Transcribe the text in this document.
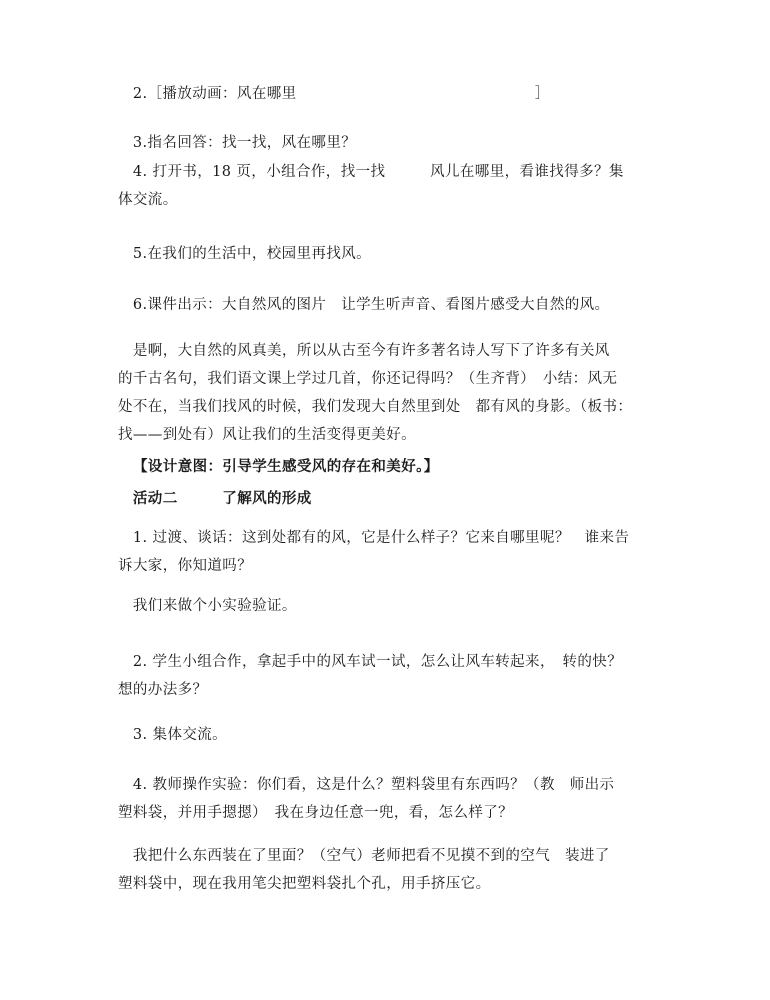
　2.［播放动画：风在哪里　　　　　　　　　　　　　　　　］
　3.指名回答：找一找，风在哪里？
　4. 打开书，18 页，小组合作，找一找　　　风儿在哪里，看谁找得多？集
体交流。
　5.在我们的生活中，校园里再找风。
　6.课件出示：大自然风的图片　让学生听声音、看图片感受大自然的风。
　是啊，大自然的风真美，所以从古至今有许多著名诗人写下了许多有关风
的千古名句，我们语文课上学过几首，你还记得吗？（生齐背）　小结：风无
处不在，当我们找风的时候，我们发现大自然里到处　都有风的身影。（板书：
找——到处有）风让我们的生活变得更美好。
【设计意图：引导学生感受风的存在和美好。】
　活动二　　　了解风的形成
　1. 过渡、谈话：这到处都有的风，它是什么样子？它来自哪里呢？　谁来告
诉大家，你知道吗？
　我们来做个小实验验证。
　2. 学生小组合作，拿起手中的风车试一试，怎么让风车转起来，　转的快？
想的办法多？
　3. 集体交流。
　4. 教师操作实验：你们看，这是什么？塑料袋里有东西吗？（教　师出示
塑料袋，并用手摁摁）　我在身边任意一兜，看，怎么样了？
　我把什么东西装在了里面？（空气）老师把看不见摸不到的空气　装进了
塑料袋中，现在我用笔尖把塑料袋扎个孔，用手挤压它。
